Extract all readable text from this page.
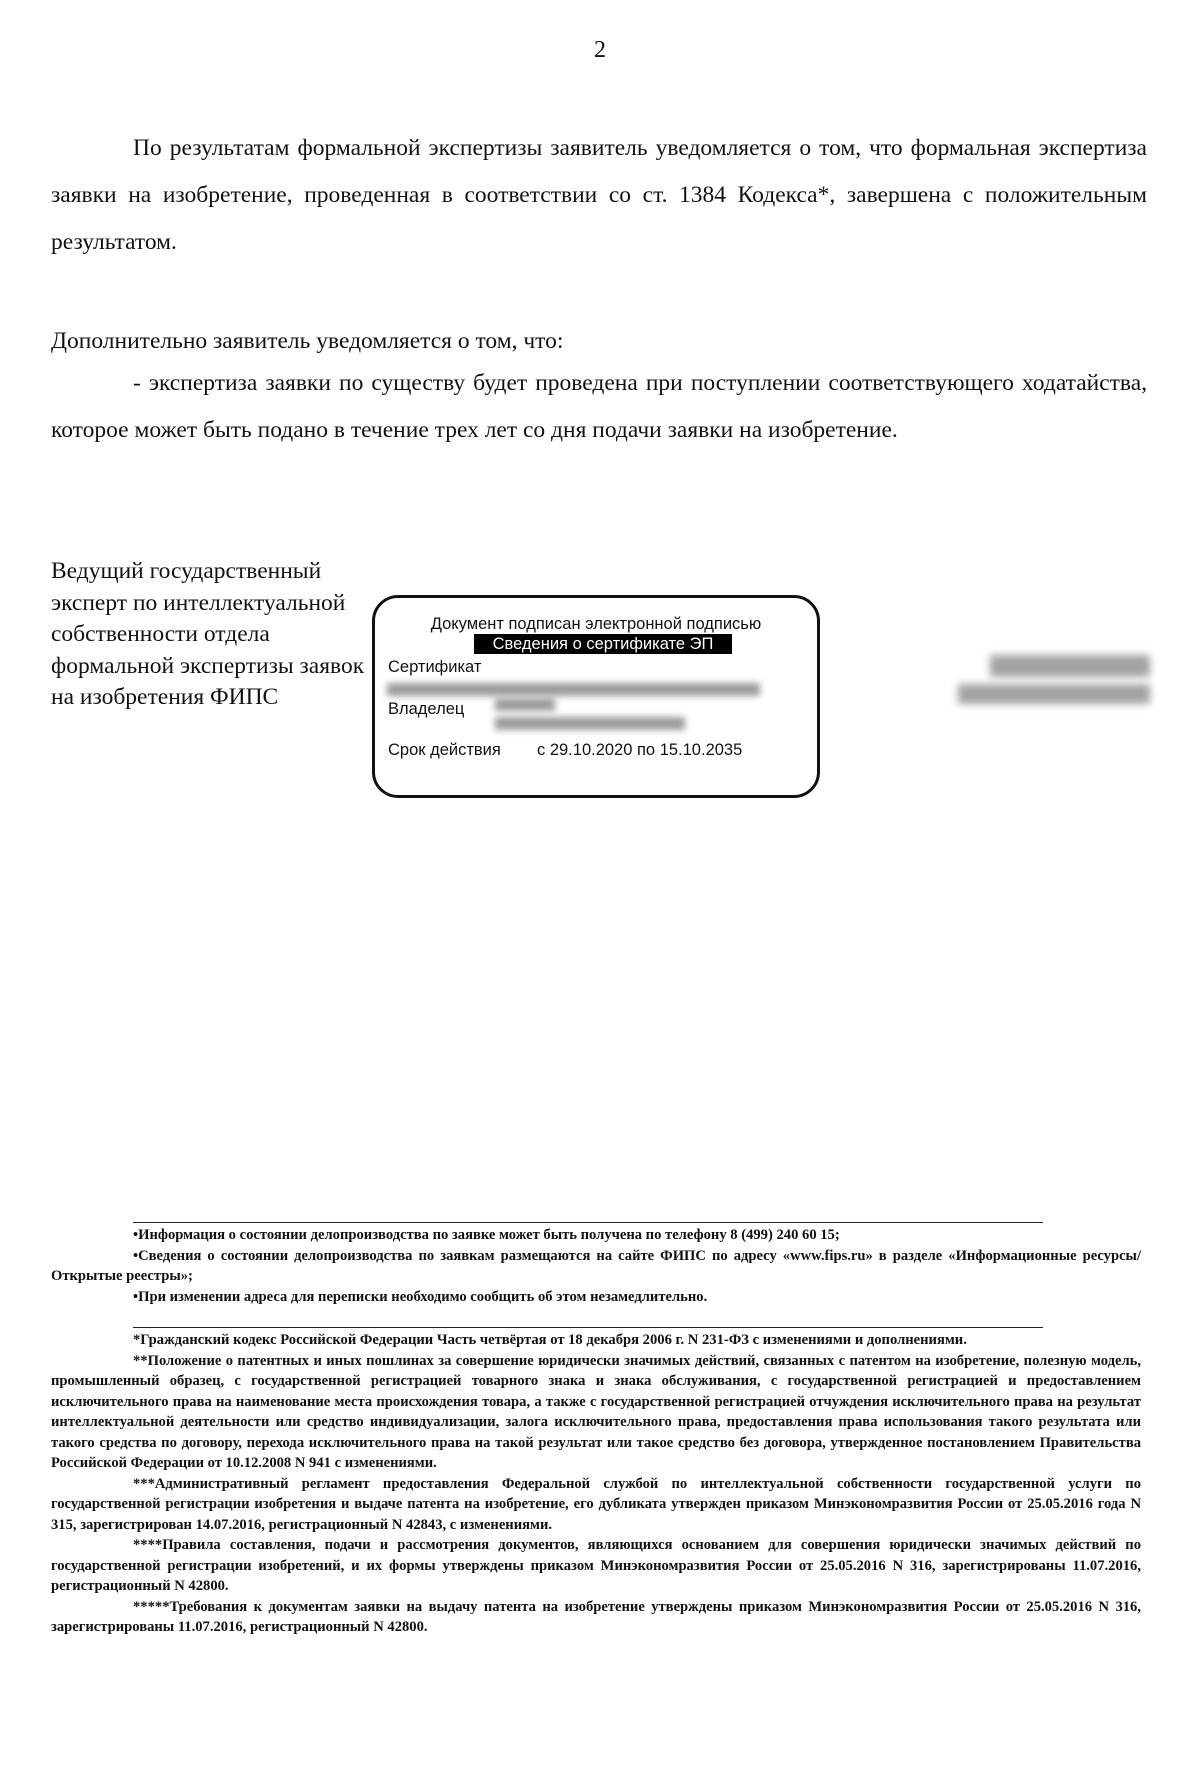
2

По результатам формальной экспертизы заявитель уведомляется о том, что формальная экспертиза заявки на изобретение, проведенная в соответствии со ст. 1384 Кодекса*, завершена с положительным результатом.

Дополнительно заявитель уведомляется о том, что:

- экспертиза заявки по существу будет проведена при поступлении соответствующего ходатайства, которое может быть подано в течение трех лет со дня подачи заявки на изобретение.

Ведущий государственный эксперт по интеллектуальной собственности отдела формальной экспертизы заявок на изобретения ФИПС

Документ подписан электронной подписью
Сведения о сертификате ЭП
Сертификат
Владелец
Срок действия с 29.10.2020 по 15.10.2035

•Информация о состоянии делопроизводства по заявке может быть получена по телефону 8 (499) 240 60 15;

•Сведения о состоянии делопроизводства по заявкам размещаются на сайте ФИПС по адресу «www.fips.ru» в разделе «Информационные ресурсы/Открытые реестры»;

•При изменении адреса для переписки необходимо сообщить об этом незамедлительно.

*Гражданский кодекс Российской Федерации Часть четвёртая от 18 декабря 2006 г. N 231-ФЗ с изменениями и дополнениями.

**Положение о патентных и иных пошлинах за совершение юридически значимых действий, связанных с патентом на изобретение, полезную модель, промышленный образец, с государственной регистрацией товарного знака и знака обслуживания, с государственной регистрацией и предоставлением исключительного права на наименование места происхождения товара, а также с государственной регистрацией отчуждения исключительного права на результат интеллектуальной деятельности или средство индивидуализации, залога исключительного права, предоставления права использования такого результата или такого средства по договору, перехода исключительного права на такой результат или такое средство без договора, утвержденное постановлением Правительства Российской Федерации от 10.12.2008 N 941 с изменениями.

***Административный регламент предоставления Федеральной службой по интеллектуальной собственности государственной услуги по государственной регистрации изобретения и выдаче патента на изобретение, его дубликата утвержден приказом Минэкономразвития России от 25.05.2016 года N 315, зарегистрирован 14.07.2016, регистрационный N 42843, с изменениями.

****Правила составления, подачи и рассмотрения документов, являющихся основанием для совершения юридически значимых действий по государственной регистрации изобретений, и их формы утверждены приказом Минэкономразвития России от 25.05.2016 N 316, зарегистрированы 11.07.2016, регистрационный N 42800.

*****Требования к документам заявки на выдачу патента на изобретение утверждены приказом Минэкономразвития России от 25.05.2016 N 316, зарегистрированы 11.07.2016, регистрационный N 42800.
